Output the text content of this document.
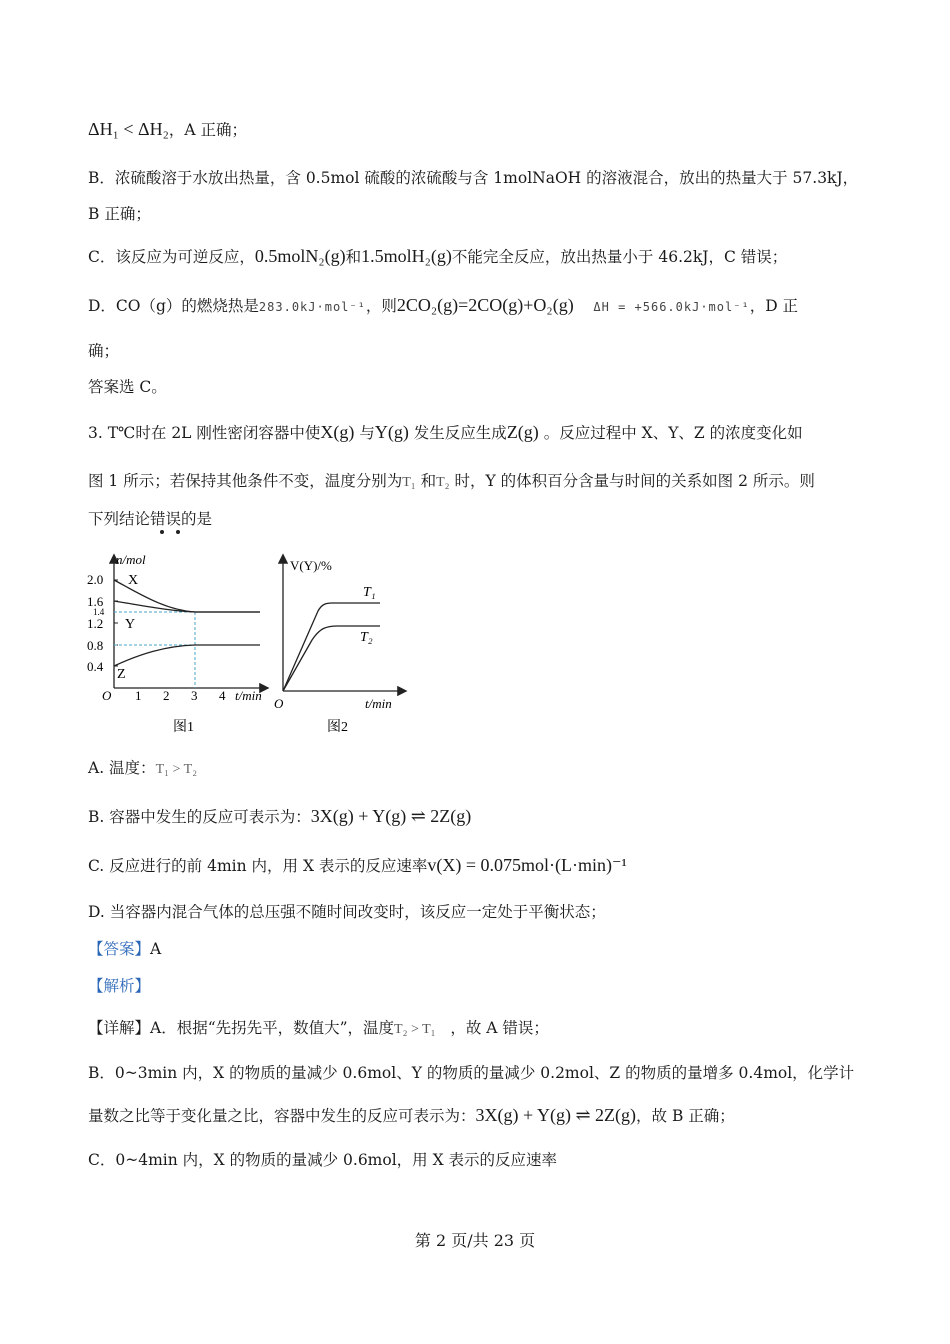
ΔH₁ < ΔH₂，A 正确；
B．浓硫酸溶于水放出热量，含 0.5mol 硫酸的浓硫酸与含 1molNaOH 的溶液混合，放出的热量大于 57.3kJ，
B 正确；
C．该反应为可逆反应，0.5molN₂(g)和1.5molH₂(g)不能完全反应，放出热量小于 46.2kJ，C 错误；
D．CO（g）的燃烧热是283.0kJ·mol⁻¹，则2CO₂(g)=2CO(g)+O₂(g) ΔH = +566.0kJ·mol⁻¹，D 正
确；
答案选 C。
3. T℃时在 2L 刚性密闭容器中使X(g) 与Y(g) 发生反应生成Z(g) 。反应过程中 X、Y、Z 的浓度变化如
图 1 所示；若保持其他条件不变，温度分别为T₁ 和T₂ 时，Y 的体积百分含量与时间的关系如图 2 所示。则
下列结论错误的是
n/mol
O	t/min
2.0
1.6
1.4
1.2
0.8
0.4
1 2 3 4
X
Y
Z
图1
V(Y)/%
O	t/min
T₁
T₂
图2
A. 温度：T₁ > T₂
B. 容器中发生的反应可表示为：3X(g) + Y(g) ⇌ 2Z(g)
C. 反应进行的前 4min 内，用 X 表示的反应速率v(X) = 0.075mol·(L·min)⁻¹
D. 当容器内混合气体的总压强不随时间改变时，该反应一定处于平衡状态；
【答案】A
【解析】
【详解】A．根据“先拐先平，数值大”，温度T₂ > T₁ ，故 A 错误；
B．0~3min 内，X 的物质的量减少 0.6mol、Y 的物质的量减少 0.2mol、Z 的物质的量增多 0.4mol，化学计
量数之比等于变化量之比，容器中发生的反应可表示为：3X(g) + Y(g) ⇌ 2Z(g)，故 B 正确；
C．0~4min 内，X 的物质的量减少 0.6mol，用 X 表示的反应速率
第 2 页/共 23 页
